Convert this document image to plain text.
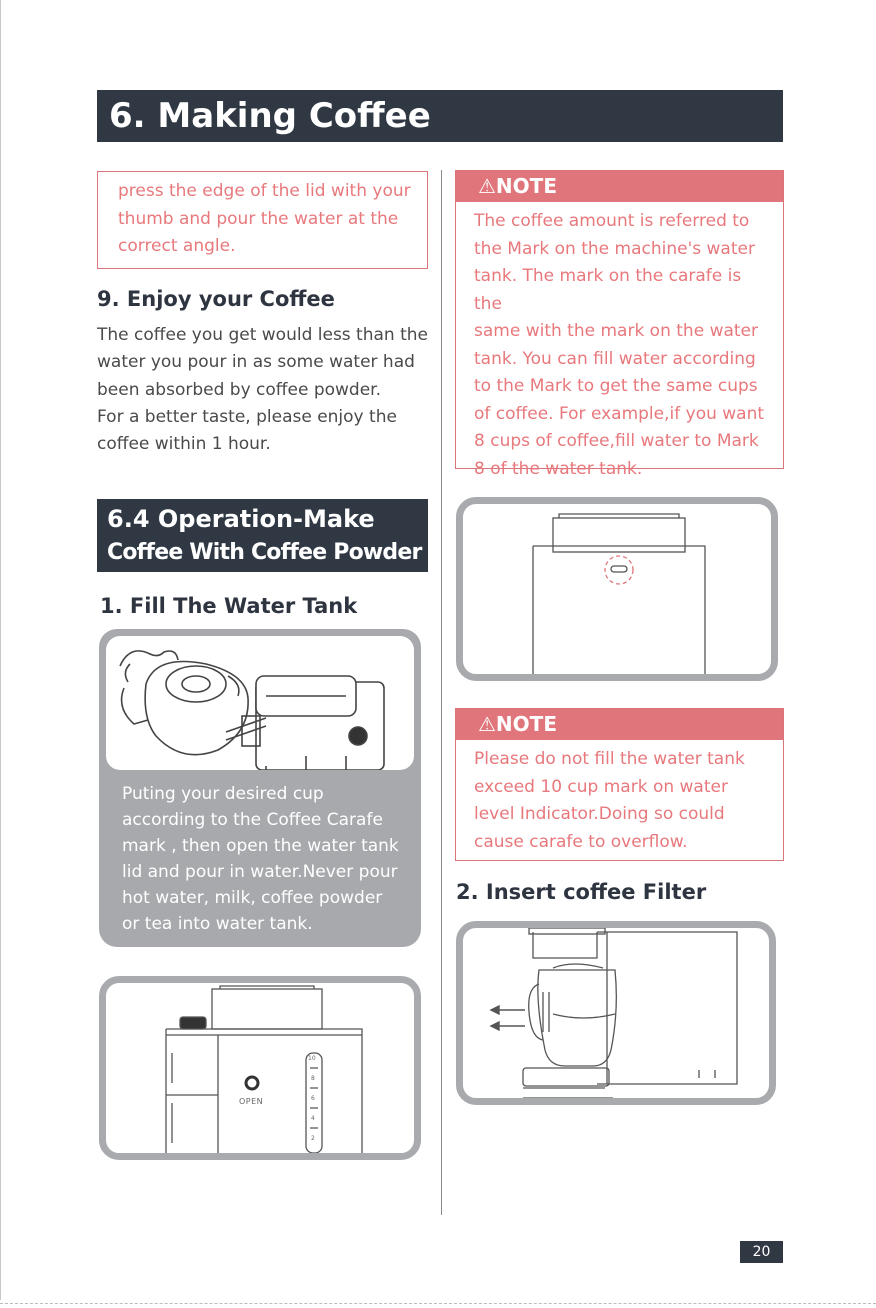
6. Making Coffee
press the edge of the lid with your
thumb and pour the water at the
correct angle.
9. Enjoy your Coffee

The coffee you get would less than the

water you pour in as some water had

been absorbed by coffee powder.

For a better taste, please enjoy the

coffee within 1 hour.

6.4 Operation-Make
Coffee With Coffee Powder
1. Fill The Water Tank
Puting your desired cup
according to the Coffee Carafe
mark , then open the water tank
lid and pour in water.Never pour
hot water, milk, coffee powder
or tea into water tank.
OPEN
10
8
6
4
2
⚠NOTE
The coffee amount is referred to
the Mark on the machine's water
tank. The mark on the carafe is the
same with the mark on the water
tank. You can fill water according
to the Mark to get the same cups
of coffee. For example,if you want
8 cups of coffee,fill water to Mark
8 of the water tank.
⚠NOTE
Please do not fill the water tank
exceed 10 cup mark on water
level Indicator.Doing so could
cause carafe to overflow.
2. Insert coffee Filter
20
